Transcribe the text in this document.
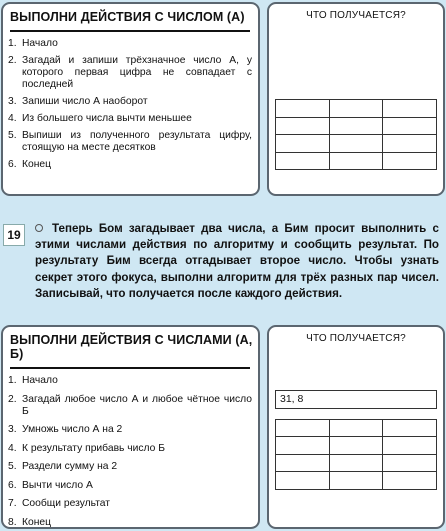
ВЫПОЛНИ ДЕЙСТВИЯ С ЧИСЛОМ (А)
1. Начало
2. Загадай и запиши трёхзначное число А, у которого первая цифра не совпадает с последней
3. Запиши число А наоборот
4. Из большего числа вычти меньшее
5. Выпиши из полученного результата цифру, стоящую на месте десятков
6. Конец
ЧТО ПОЛУЧАЕТСЯ?

19	Теперь Бом загадывает два числа, а Бим просит выполнить с этими числами действия по алгоритму и сообщить результат. По результату Бим всегда отгадывает второе число. Чтобы узнать секрет этого фокуса, выполни алгоритм для трёх разных пар чисел. Записывай, что получается после каждого действия.
ВЫПОЛНИ ДЕЙСТВИЯ С ЧИСЛАМИ (А, Б)
1. Начало
2. Загадай любое число А и любое чётное число Б
3. Умножь число А на 2
4. К результату прибавь число Б
5. Раздели сумму на 2
6. Вычти число А
7. Сообщи результат
8. Конец
ЧТО ПОЛУЧАЕТСЯ?
31, 8		
